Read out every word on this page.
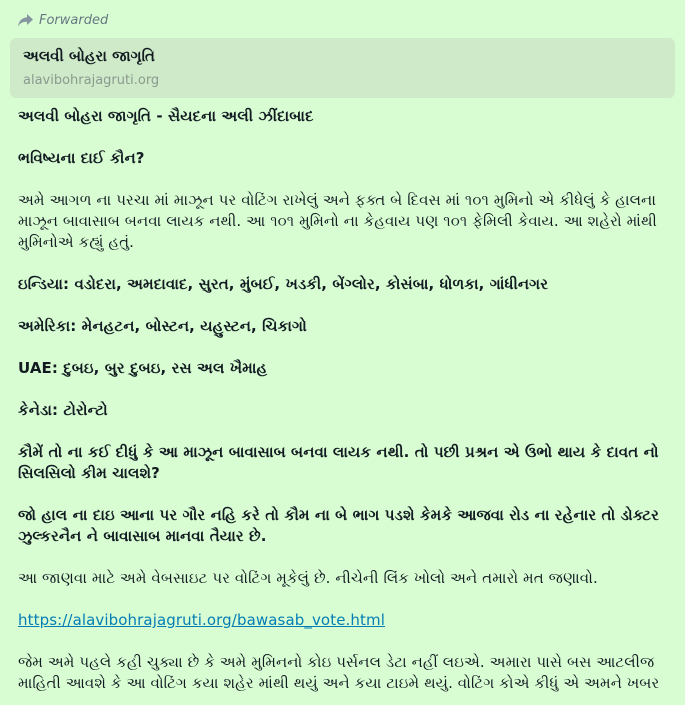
Forwarded
અલવી બોહરા જાગૃતિ
alavibohrajagruti.org

અલવી બોહરા જાગૃતિ - સૈયદના અલી ઝીંદાબાદ

ભવિષ્યના દાઈ કૌન?

અમે આગળ ના પરચા માં માઝૂન પર વોટિંગ રાખેલું અને ફક્ત બે દિવસ માં ૧૦૧ મુમિનો એ કીધેલું કે હાલના માઝૂન બાવાસાબ બનવા લાયક નથી. આ ૧૦૧ મુમિનો ના કેહવાય પણ ૧૦૧ ફેમિલી કેવાય. આ શહેરો માંથી મુમિનોએ કહ્યું હતું.

ઇન્ડિયા: વડોદરા, અમદાવાદ, સુરત, મુંબઈ, ખડકી, બેંગ્લોર, કોસંબા, ધોળકા, ગાંધીનગર

અમેરિકા: મેનહટન, બોસ્ટન, યહુસ્ટન, ચિકાગો

UAE: દુબઇ, બુર દુબઇ, રસ અલ ખૈમાહ

કેનેડા: ટોરોન્ટો

કૌમેં તો ના કઈ દીધું કે આ માઝૂન બાવાસાબ બનવા લાયક નથી. તો પછી પ્રશ્રન એ ઉભો થાય કે દાવત નો સિલસિલો કીમ ચાલશે?

જો હાલ ના દાઇ આના પર ગૌર નહિ કરે તો કૌમ ના બે ભાગ પડશે કેમકે આજવા રોડ ના રહેનાર તો ડોક્ટર ઝુલ્કરનૈન ને બાવાસાબ માનવા તૈયાર છે.

આ જાણવા માટે અમે વેબસાઇટ પર વોટિંગ મૂકેલું છે. નીચેની લિંક ખોલો અને તમારો મત જણાવો.

https://alavibohrajagruti.org/bawasab_vote.html

જેમ અમે પહલે કહી ચુક્યા છે કે અમે મુમિનનો કોઇ પર્સનલ ડેટા નહીં લઇએ. અમારા પાસે બસ આટલીજ માહિતી આવશે કે આ વોટિંગ કયા શહેર માંથી થયું અને કયા ટાઇમે થયું. વોટિંગ કોએ કીધું એ અમને ખબર
